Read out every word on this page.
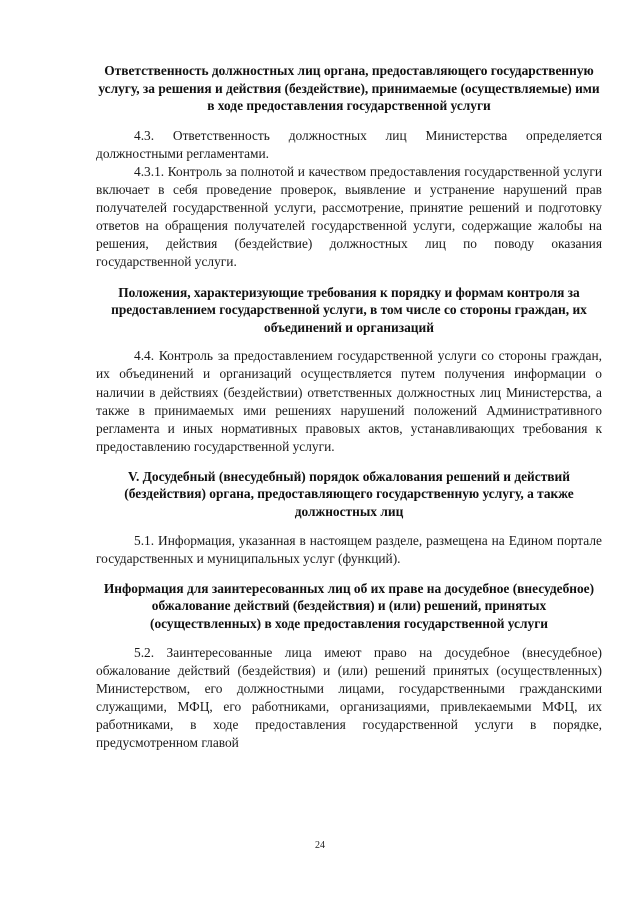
Ответственность должностных лиц органа, предоставляющего государственную услугу, за решения и действия (бездействие), принимаемые (осуществляемые) ими в ходе предоставления государственной услуги

4.3. Ответственность должностных лиц Министерства определяется должностными регламентами.

4.3.1. Контроль за полнотой и качеством предоставления государственной услуги включает в себя проведение проверок, выявление и устранение нарушений прав получателей государственной услуги, рассмотрение, принятие решений и подготовку ответов на обращения получателей государственной услуги, содержащие жалобы на решения, действия (бездействие) должностных лиц по поводу оказания государственной услуги.

Положения, характеризующие требования к порядку и формам контроля за предоставлением государственной услуги, в том числе со стороны граждан, их объединений и организаций

4.4. Контроль за предоставлением государственной услуги со стороны граждан, их объединений и организаций осуществляется путем получения информации о наличии в действиях (бездействии) ответственных должностных лиц Министерства, а также в принимаемых ими решениях нарушений положений Административного регламента и иных нормативных правовых актов, устанавливающих требования к предоставлению государственной услуги.

V. Досудебный (внесудебный) порядок обжалования решений и действий (бездействия) органа, предоставляющего государственную услугу, а также должностных лиц

5.1. Информация, указанная в настоящем разделе, размещена на Едином портале государственных и муниципальных услуг (функций).

Информация для заинтересованных лиц об их праве на досудебное (внесудебное) обжалование действий (бездействия) и (или) решений, принятых (осуществленных) в ходе предоставления государственной услуги

5.2. Заинтересованные лица имеют право на досудебное (внесудебное) обжалование действий (бездействия) и (или) решений принятых (осуществленных) Министерством, его должностными лицами, государственными гражданскими служащими, МФЦ, его работниками, организациями, привлекаемыми МФЦ, их работниками, в ходе предоставления государственной услуги в порядке, предусмотренном главой

24
